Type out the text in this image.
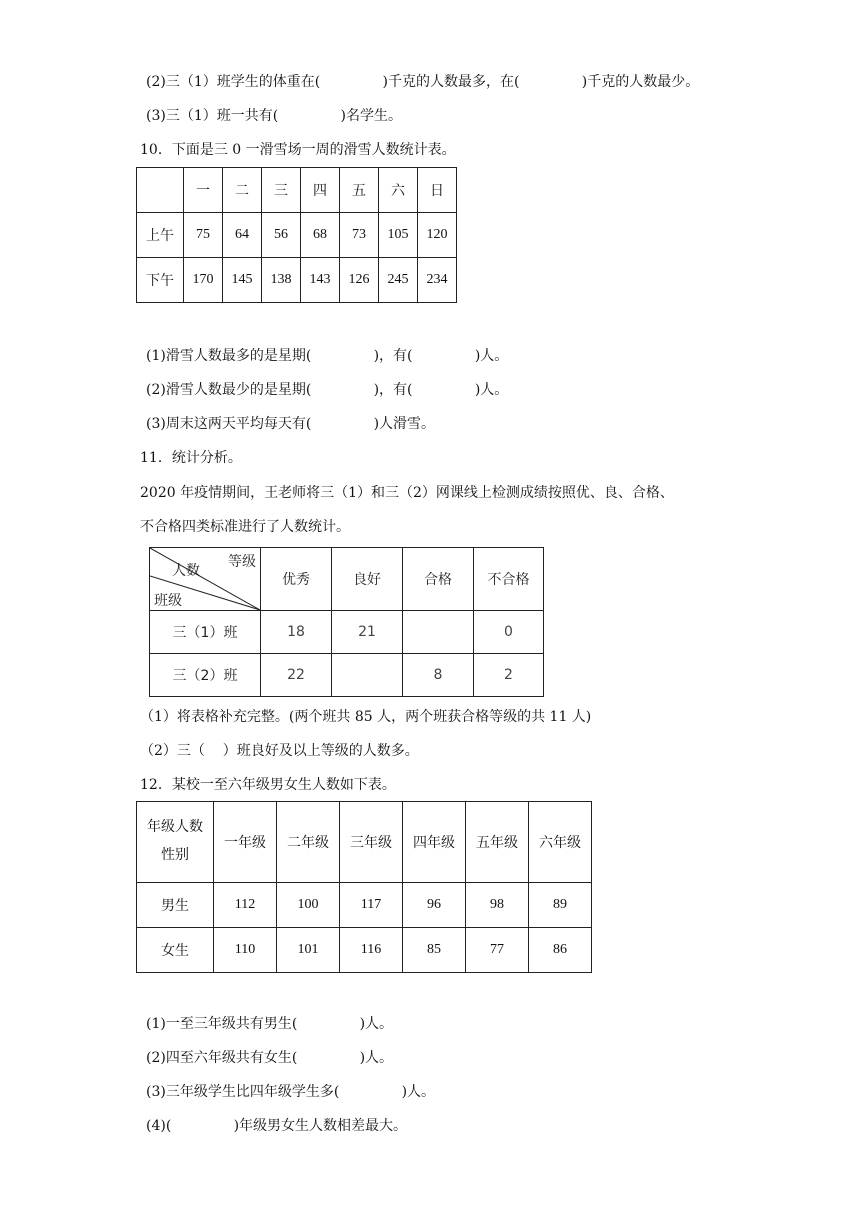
(2)三（1）班学生的体重在(              )千克的人数最多，在(              )千克的人数最少。
(3)三（1）班一共有(              )名学生。
10．下面是三 0 一滑雪场一周的滑雪人数统计表。
	一	二	三	四	五	六	日
上午	75	64	56	68	73	105	120
下午	170	145	138	143	126	245	234
(1)滑雪人数最多的是星期(              )，有(              )人。
(2)滑雪人数最少的是星期(              )，有(              )人。
(3)周末这两天平均每天有(              )人滑雪。
11．统计分析。
2020 年疫情期间，王老师将三（1）和三（2）网课线上检测成绩按照优、良、合格、
不合格四类标准进行了人数统计。
等级
人数
班级	优秀	良好	合格	不合格
三（1）班	18	21		0
三（2）班	22		8	2
（1）将表格补充完整。(两个班共 85 人，两个班获合格等级的共 11 人)
（2）三（    ）班良好及以上等级的人数多。
12．某校一至六年级男女生人数如下表。
年级人数
性别	一年级	二年级	三年级	四年级	五年级	六年级
男生	112	100	117	96	98	89
女生	110	101	116	85	77	86
(1)一至三年级共有男生(              )人。
(2)四至六年级共有女生(              )人。
(3)三年级学生比四年级学生多(              )人。
(4)(              )年级男女生人数相差最大。
